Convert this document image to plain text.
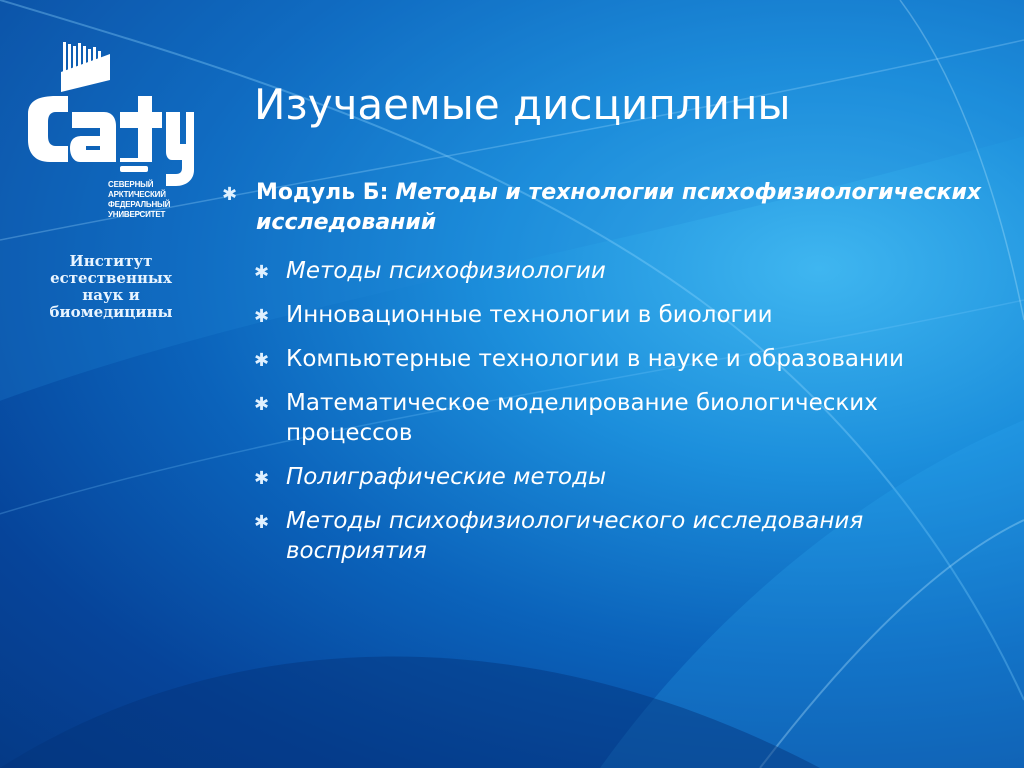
СЕВЕРНЫЙ
АРКТИЧЕСКИЙ
ФЕДЕРАЛЬНЫЙ
УНИВЕРСИТЕТ
Институт
естественных
наук и
биомедицины
Изучаемые дисциплины
✱ Модуль Б: Методы и технологии психофизиологических исследований
✱ Методы психофизиологии
✱ Инновационные технологии в биологии
✱ Компьютерные технологии в науке и образовании
✱ Математическое моделирование биологических процессов
✱ Полиграфические методы
✱ Методы психофизиологического исследования восприятия
